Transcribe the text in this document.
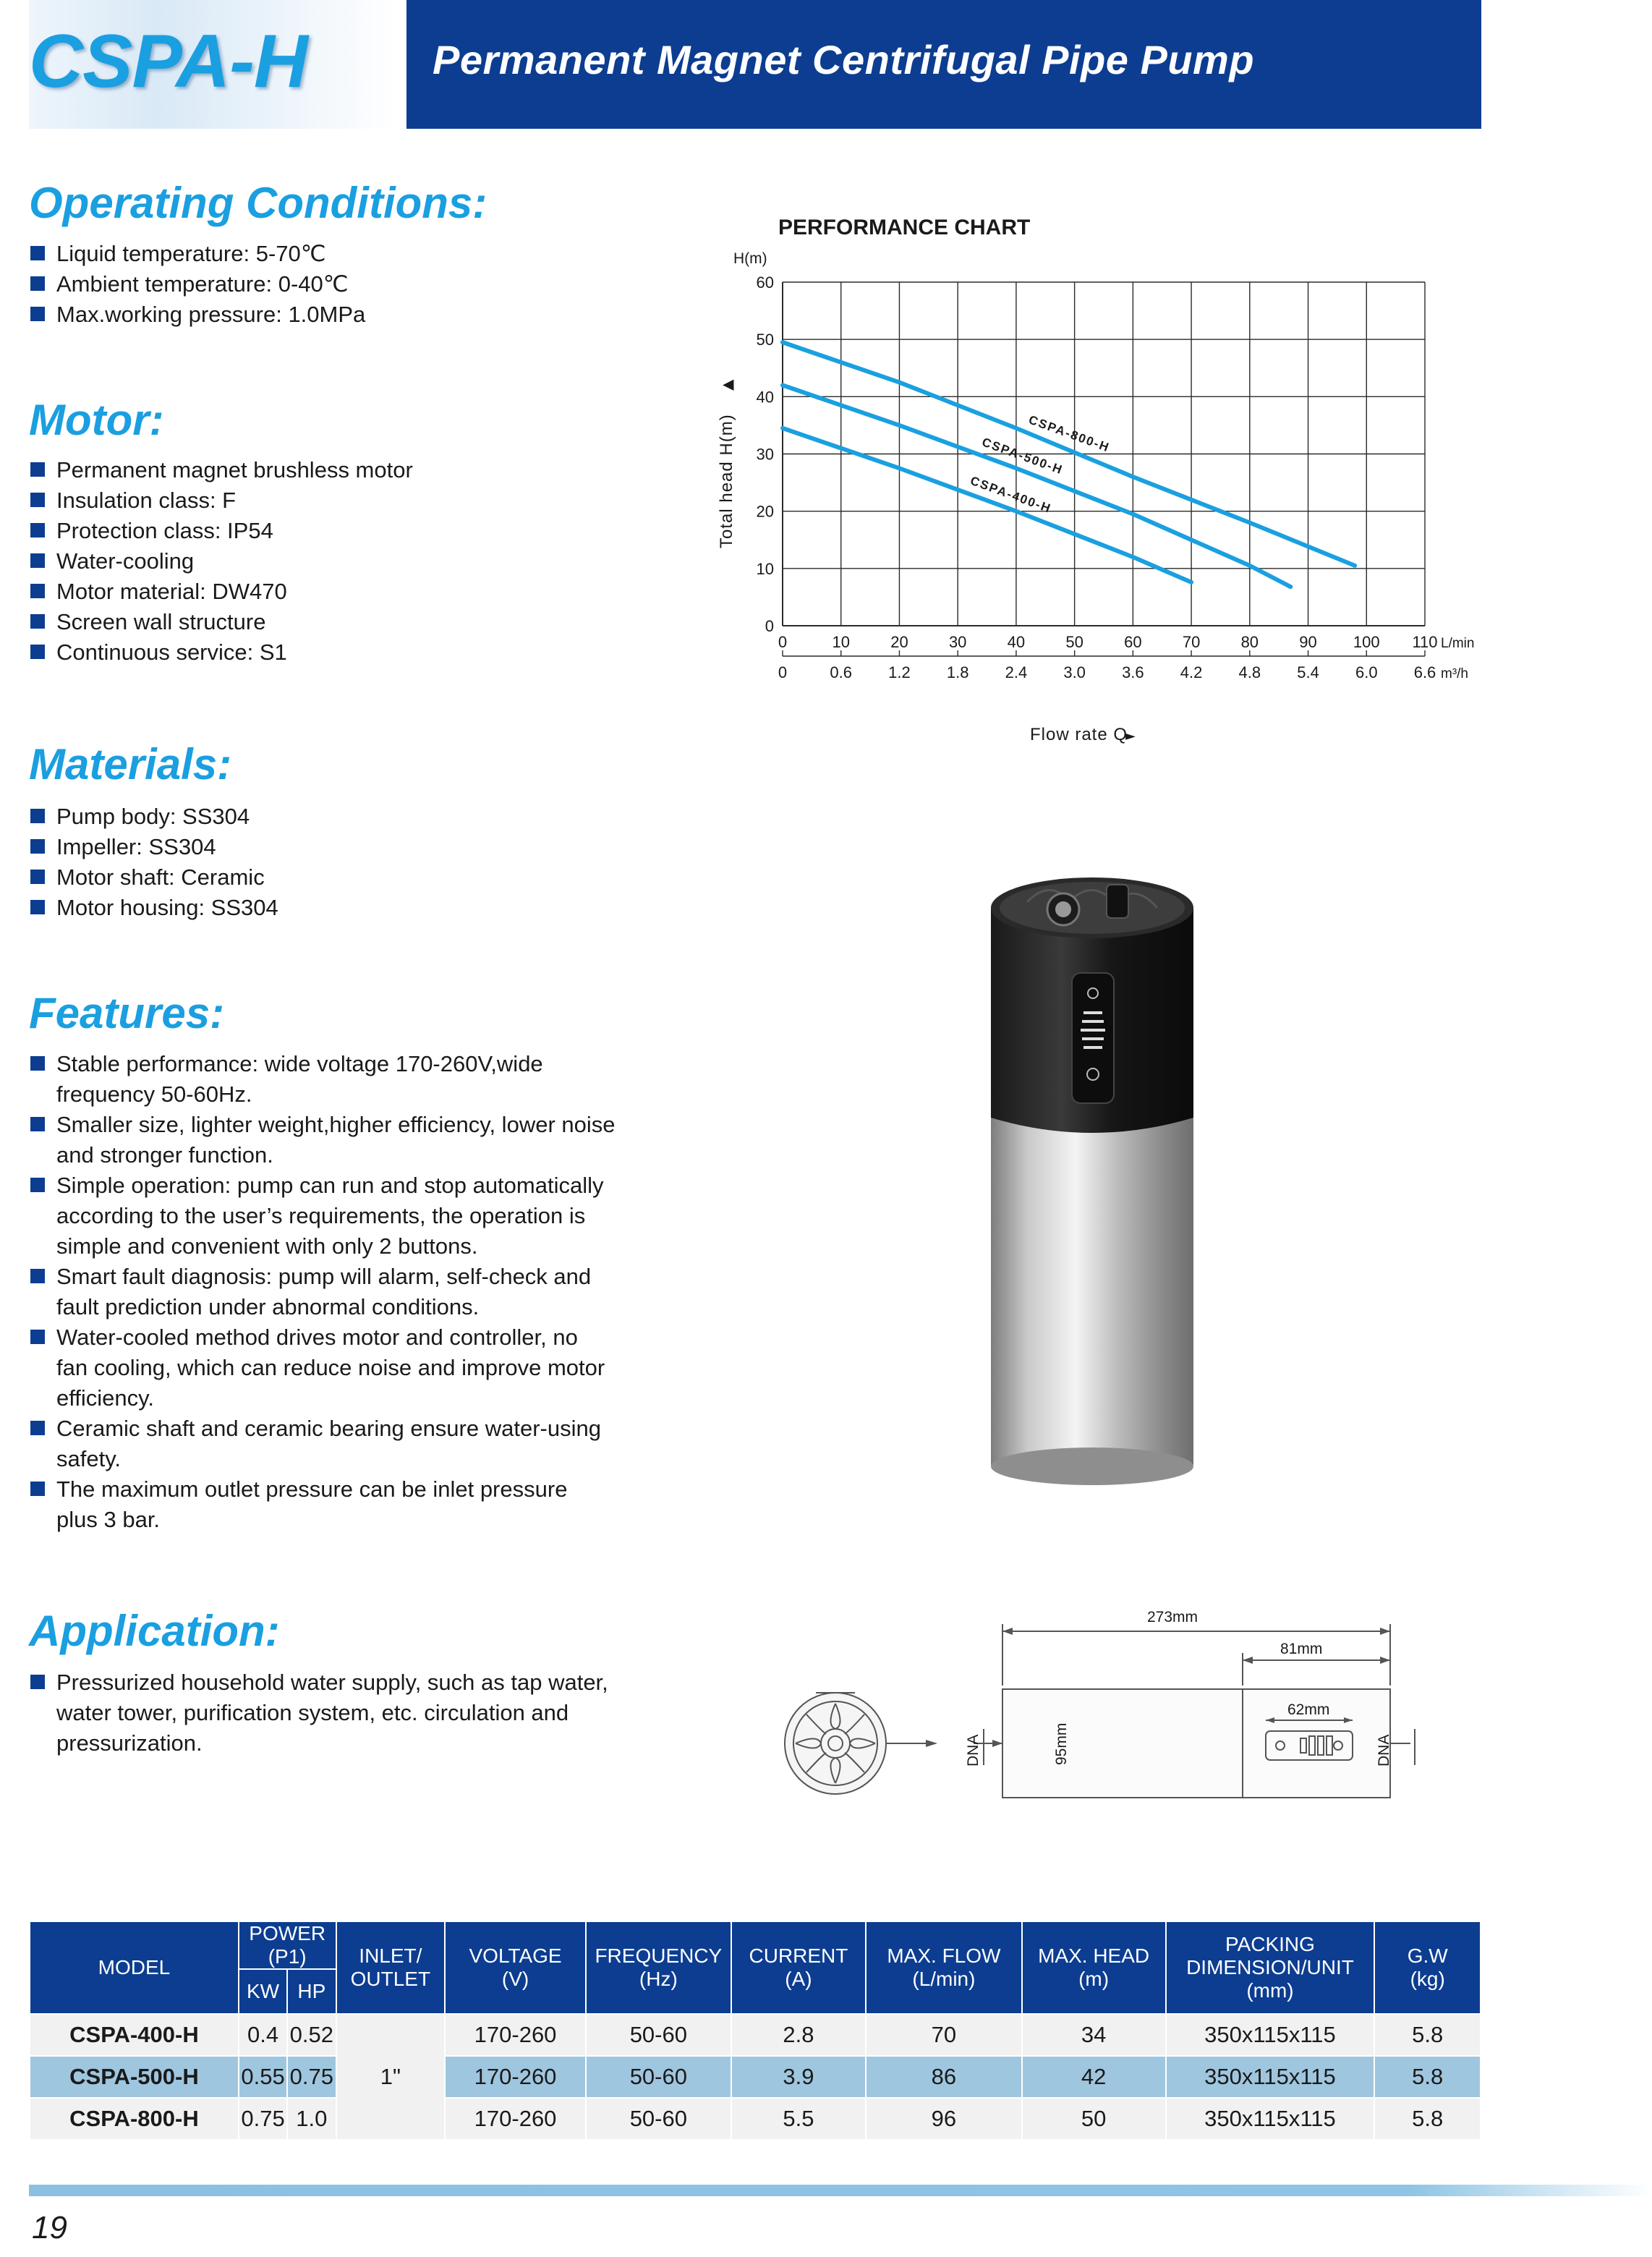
CSPA-H	Permanent Magnet Centrifugal Pipe Pump
Operating Conditions:
Liquid temperature: 5-70℃
Ambient temperature: 0-40℃
Max.working pressure: 1.0MPa
Motor:
Permanent magnet brushless motor
Insulation class: F
Protection class: IP54
Water-cooling
Motor material: DW470
Screen wall structure
Continuous service: S1
Materials:
Pump body: SS304
Impeller: SS304
Motor shaft: Ceramic
Motor housing: SS304
Features:
Stable performance: wide voltage 170-260V,wide
frequency 50-60Hz.
Smaller size, lighter weight,higher efficiency, lower noise
and stronger function.
Simple operation: pump can run and stop automatically
according to the user’s requirements, the operation is
simple and convenient with only 2 buttons.
Smart fault diagnosis: pump will alarm, self-check and
fault prediction under abnormal conditions.
Water-cooled method drives motor and controller, no
fan cooling, which can reduce noise and improve motor
efficiency.
Ceramic shaft and ceramic bearing ensure water-using
safety.
The maximum outlet pressure can be inlet pressure
plus 3 bar.
Application:
Pressurized household water supply, such as tap water,
water tower, purification system, etc. circulation and
pressurization.
PERFORMANCE CHART
H(m)
Total head H(m)
▲
0
10
20
30
40
50
60
0
0
10
0.6
20
1.2
30
1.8
40
2.4
50
3.0
60
3.6
70
4.2
80
4.8
90
5.4
100
6.0
110
6.6
L/min
m³/h
CSPA-800-H
CSPA-500-H
CSPA-400-H
Flow rate Q
►
273mm
81mm
62mm
95mm
DNA	DNA
MODEL	POWER (P1)		INLET/
OUTLET	VOLTAGE
(V)	FREQUENCY
(Hz)	CURRENT
(A)	MAX. FLOW
(L/min)	MAX. HEAD
(m)	PACKING
DIMENSION/UNIT
(mm)	G.W
(kg)
	KW	HP								
CSPA-400-H	0.4	0.52	1"	170-260	50-60	2.8	70	34	350x115x115	5.8
CSPA-500-H	0.55	0.75		170-260	50-60	3.9	86	42	350x115x115	5.8
CSPA-800-H	0.75	1.0		170-260	50-60	5.5	96	50	350x115x115	5.8
19
